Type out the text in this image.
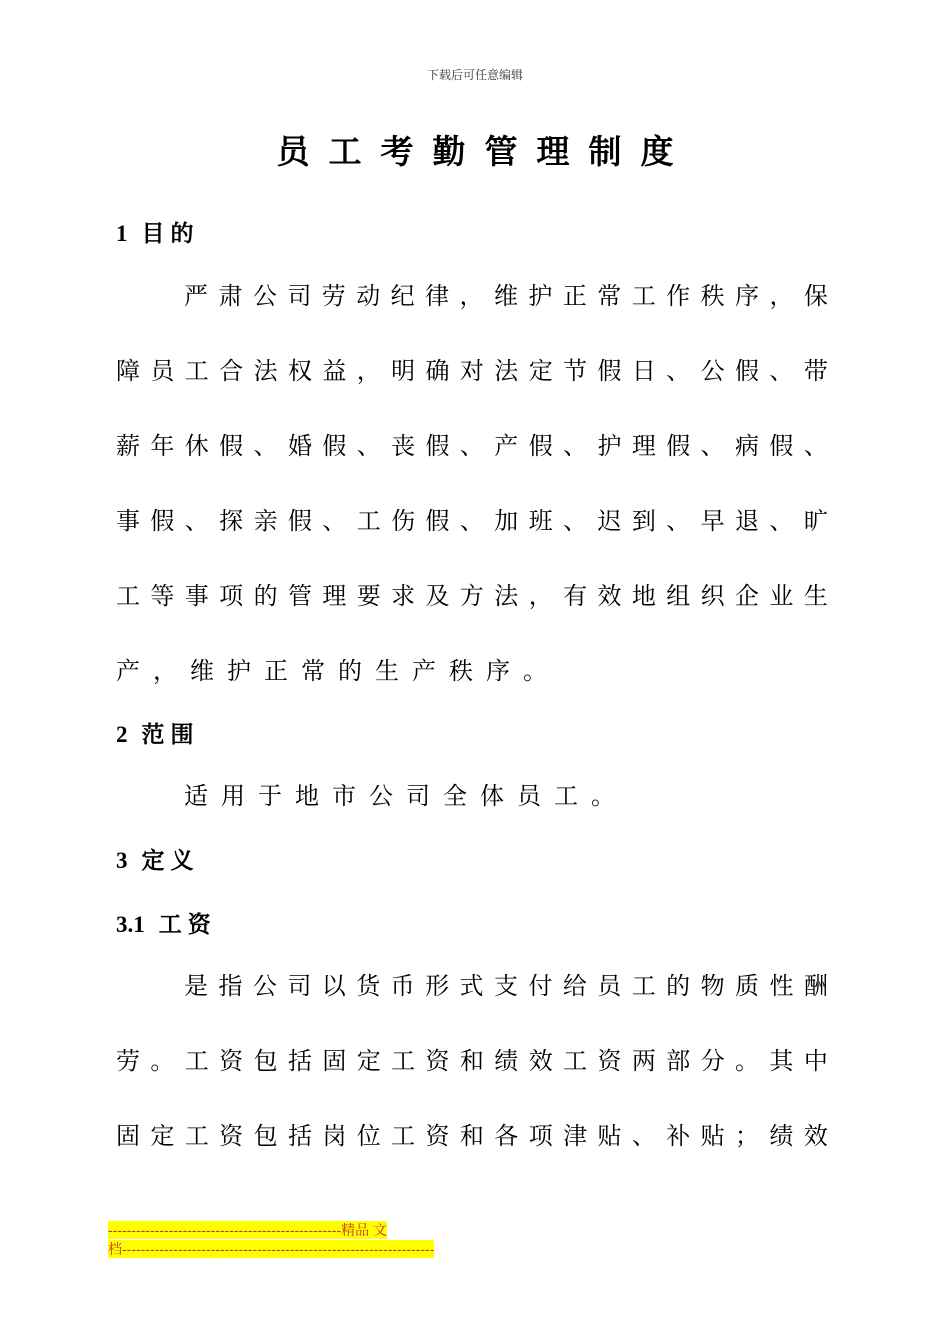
下载后可任意编辑
员工考勤管理制度
1 目的
严 肃 公 司 劳 动 纪 律 ， 维 护 正 常 工 作 秩 序 ， 保
障 员 工 合 法 权 益 ， 明 确 对 法 定 节 假 日 、 公 假 、 带
薪 年 休 假 、 婚 假 、 丧 假 、 产 假 、 护 理 假 、 病 假 、
事 假 、 探 亲 假 、 工 伤 假 、 加 班 、 迟 到 、 早 退 、 旷
工 等 事 项 的 管 理 要 求 及 方 法 ， 有 效 地 组 织 企 业 生
产，维护正常的生产秩序。
2 范围
适用于地市公司全体员工。
3 定义
3.1 工资
是 指 公 司 以 货 币 形 式 支 付 给 员 工 的 物 质 性 酬
劳 。 工 资 包 括 固 定 工 资 和 绩 效 工 资 两 部 分 。 其 中
固 定 工 资 包 括 岗 位 工 资 和 各 项 津 贴 、 补 贴 ； 绩 效
--------------------------------------------------精品 文
档-------------------------------------------------------------------
